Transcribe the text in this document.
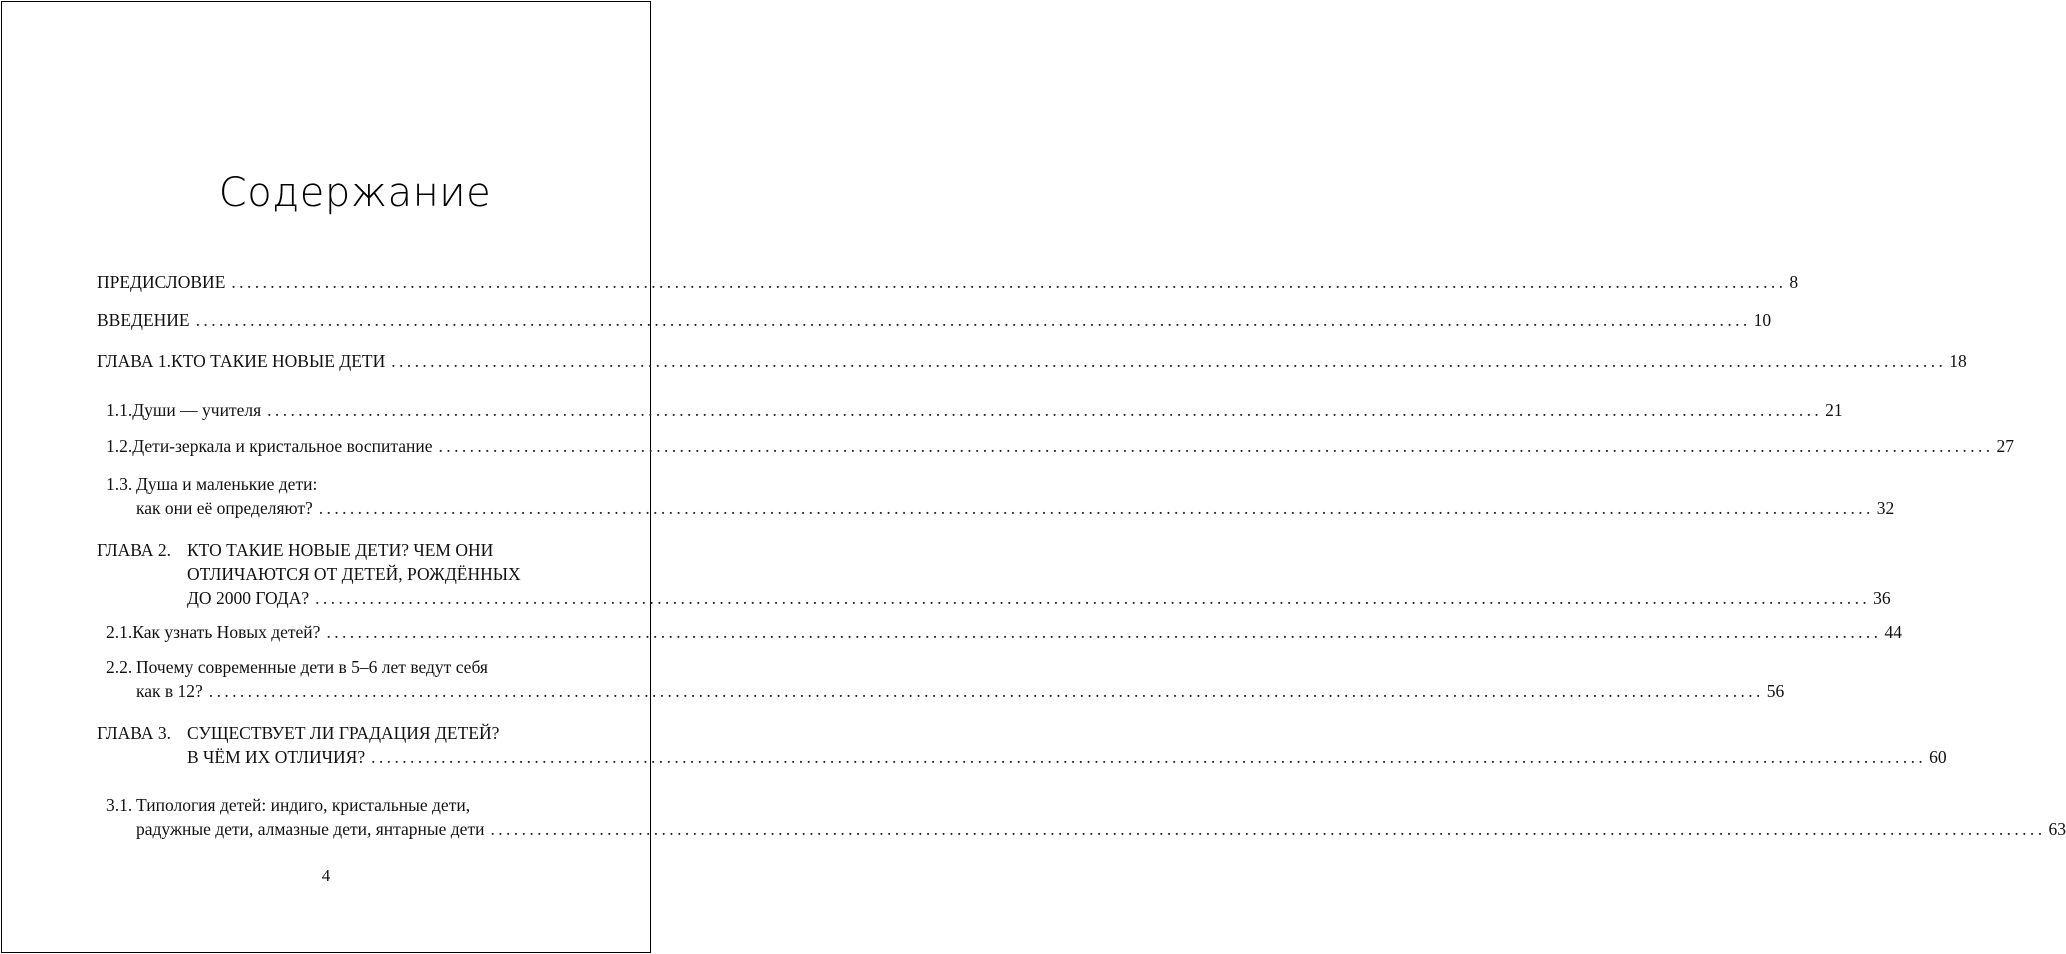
Содержание
ПРЕДИСЛОВИЕ ........................................................................................................................................................................................................ 8
ВВЕДЕНИЕ ........................................................................................................................................................................................................ 10
ГЛАВА 1. КТО ТАКИЕ НОВЫЕ ДЕТИ ........................................................................................................................................................................................................ 18
1.1. Души — учителя ........................................................................................................................................................................................................ 21
1.2. Дети-зеркала и кристальное воспитание ........................................................................................................................................................................................................ 27
1.3. Душа и маленькие дети:
как они её определяют? ........................................................................................................................................................................................................ 32
ГЛАВА 2. КТО ТАКИЕ НОВЫЕ ДЕТИ? ЧЕМ ОНИ
ОТЛИЧАЮТСЯ ОТ ДЕТЕЙ, РОЖДЁННЫХ
ДО 2000 ГОДА? ........................................................................................................................................................................................................ 36
2.1. Как узнать Новых детей? ........................................................................................................................................................................................................ 44
2.2. Почему современные дети в 5–6 лет ведут себя
как в 12? ........................................................................................................................................................................................................ 56
ГЛАВА 3. СУЩЕСТВУЕТ ЛИ ГРАДАЦИЯ ДЕТЕЙ?
В ЧЁМ ИХ ОТЛИЧИЯ? ........................................................................................................................................................................................................ 60
3.1. Типология детей: индиго, кристальные дети,
радужные дети, алмазные дети, янтарные дети ........................................................................................................................................................................................................ 63
4
